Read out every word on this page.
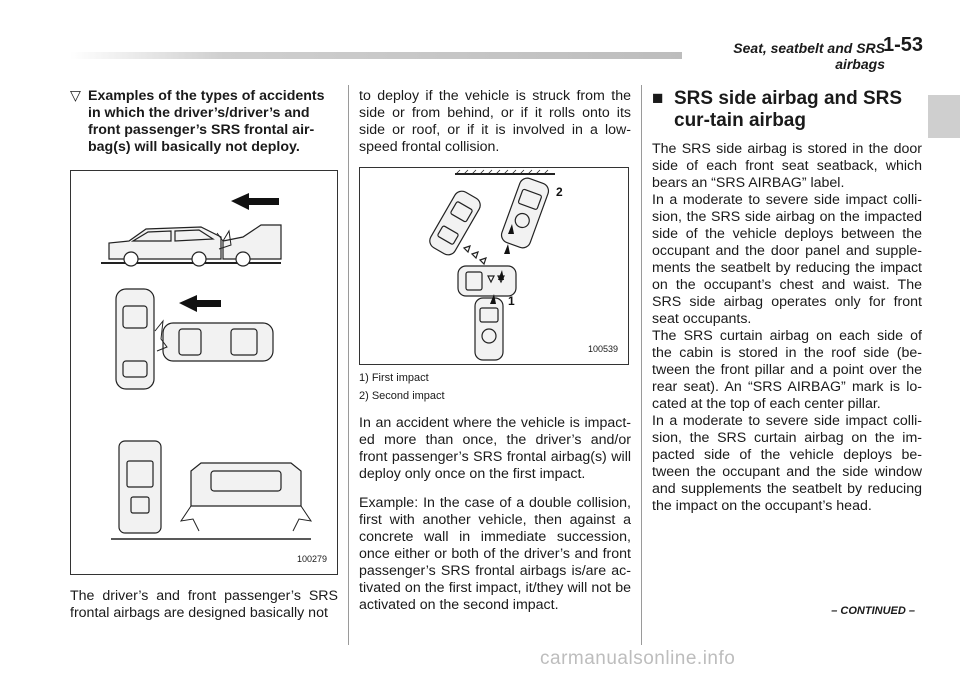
Seat, seatbelt and SRS airbags
1-53
▽ Examples of the types of accidents in which the driver’s/driver’s and front passenger’s SRS frontal air-bag(s) will basically not deploy.
100279

The driver’s and front passenger’s SRS frontal airbags are designed basically not

to deploy if the vehicle is struck from the side or from behind, or if it rolls onto its side or roof, or if it is involved in a low-speed frontal collision.

2
1
100539
1) First impact
2) Second impact

In an accident where the vehicle is impact-ed more than once, the driver’s and/or front passenger’s SRS frontal airbag(s) will deploy only once on the first impact.

Example: In the case of a double collision, first with another vehicle, then against a concrete wall in immediate succession, once either or both of the driver’s and front passenger’s SRS frontal airbags is/are ac-tivated on the first impact, it/they will not be activated on the second impact.

■ SRS side airbag and SRS cur-tain airbag

The SRS side airbag is stored in the door side of each front seat seatback, which bears an “SRS AIRBAG” label.

In a moderate to severe side impact colli-sion, the SRS side airbag on the impacted side of the vehicle deploys between the occupant and the door panel and supple-ments the seatbelt by reducing the impact on the occupant’s chest and waist. The SRS side airbag operates only for front seat occupants.

The SRS curtain airbag on each side of the cabin is stored in the roof side (be-tween the front pillar and a point over the rear seat). An “SRS AIRBAG” mark is lo-cated at the top of each center pillar.

In a moderate to severe side impact colli-sion, the SRS curtain airbag on the im-pacted side of the vehicle deploys be-tween the occupant and the side window and supplements the seatbelt by reducing the impact on the occupant’s head.

– CONTINUED –
carmanualsonline.info
